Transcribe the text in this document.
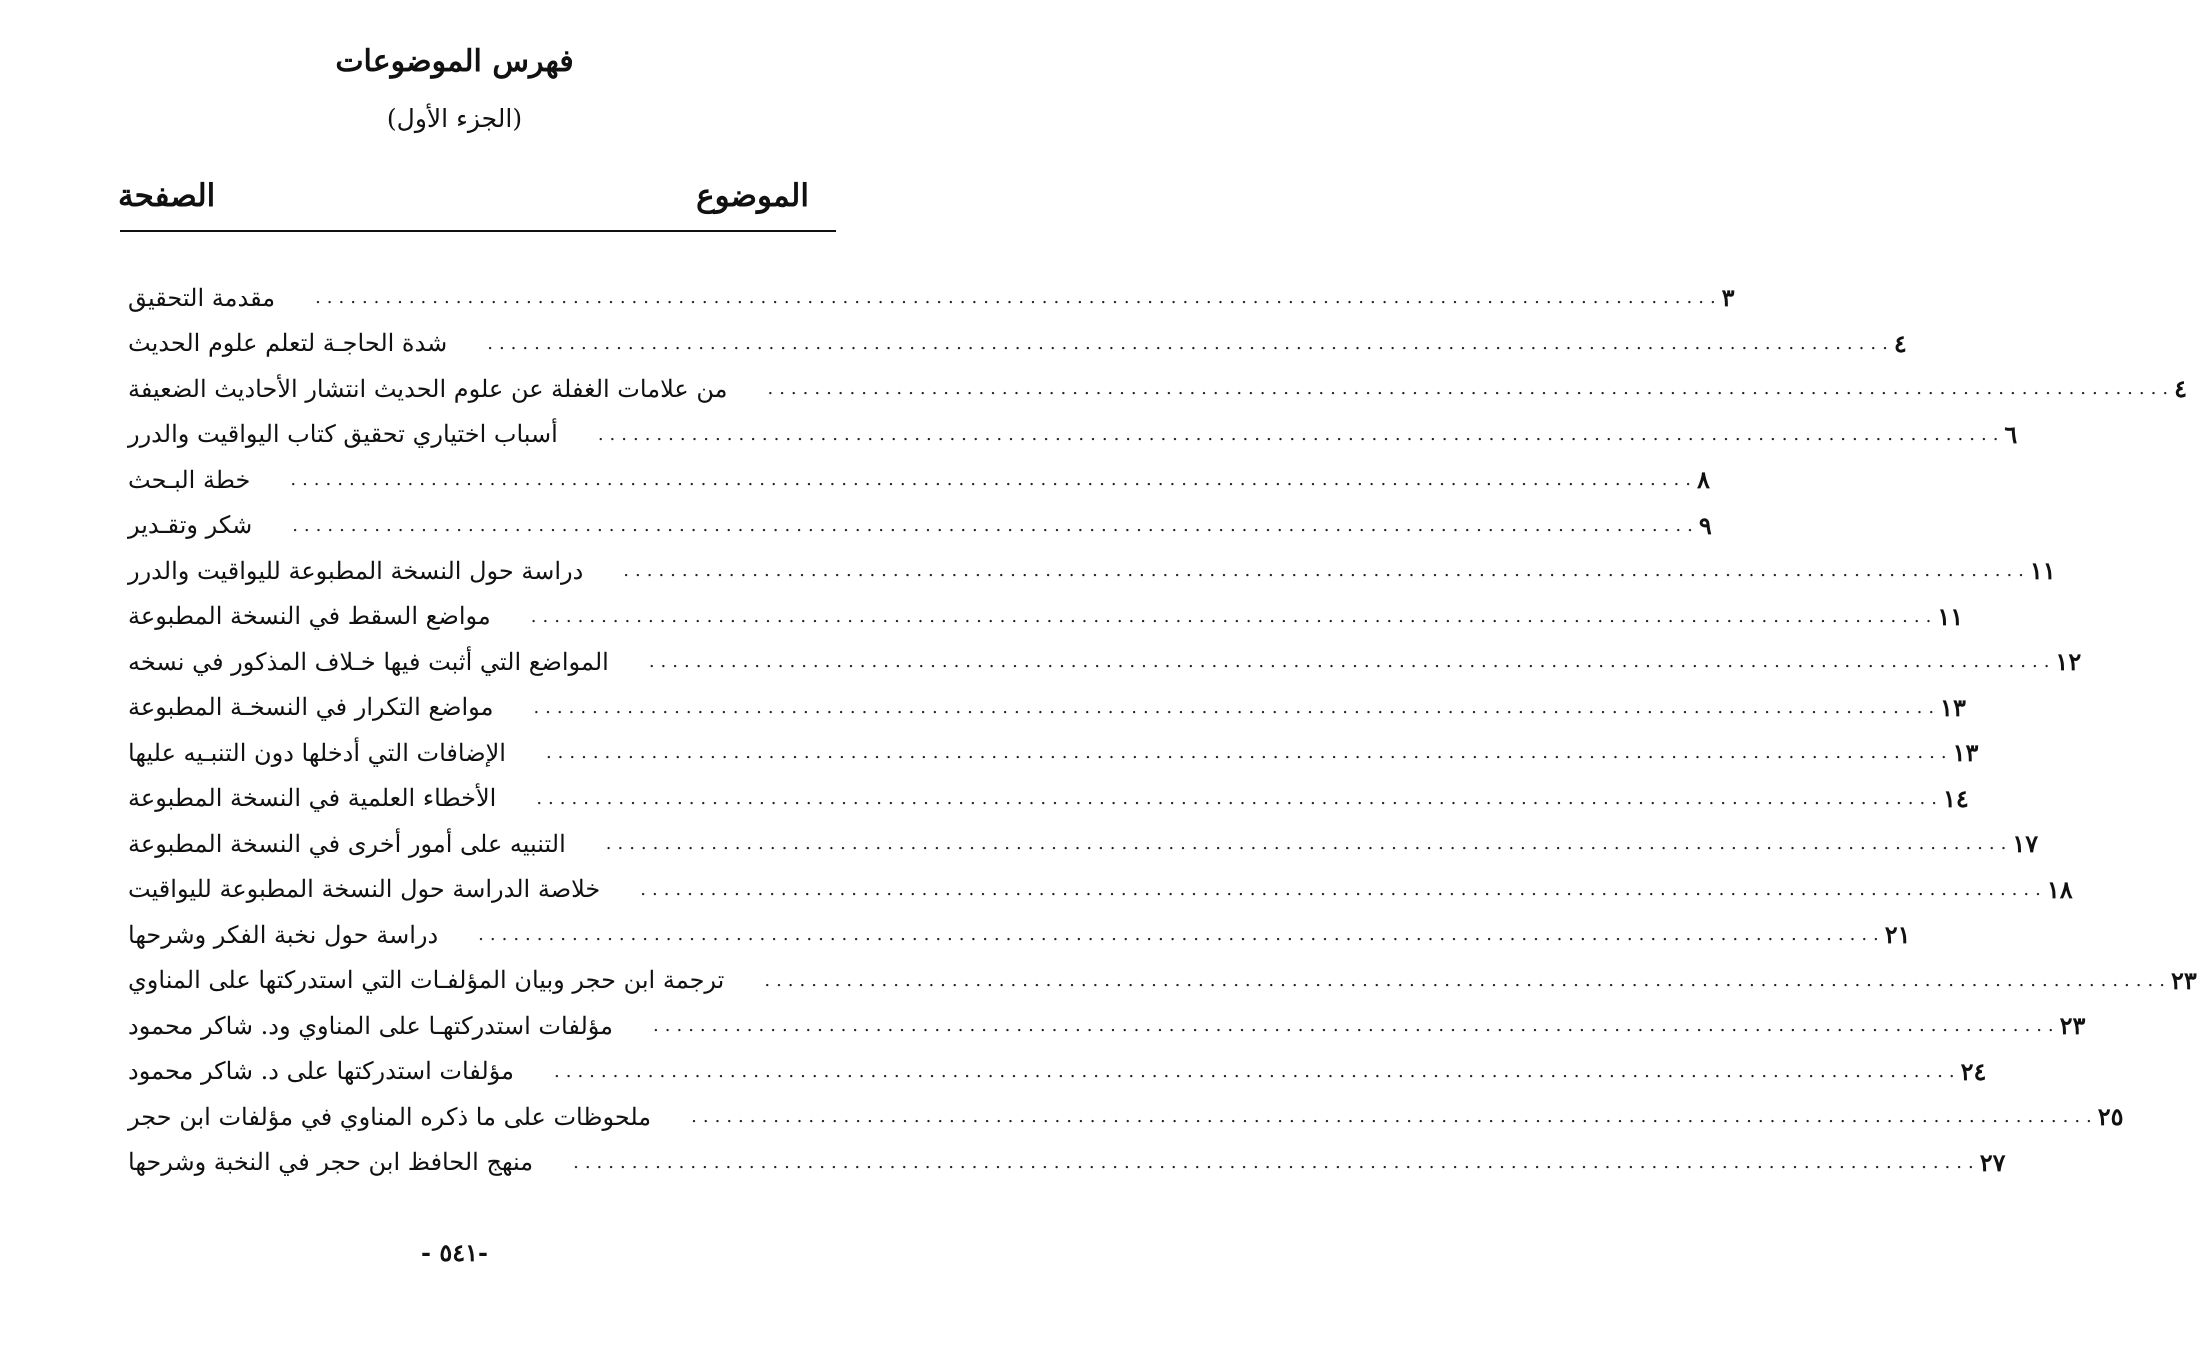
فهرس الموضوعات
(الجزء الأول)
الموضوع
الصفحة
مقدمة التحقيق ........................................................................................................................ ٣
شدة الحاجـة لتعلم علوم الحديث ........................................................................................................................ ٤
من علامات الغفلة عن علوم الحديث انتشار الأحاديث الضعيفة ........................................................................................................................ ٤
أسباب اختياري تحقيق كتاب اليواقيت والدرر ........................................................................................................................ ٦
خطة البـحث ........................................................................................................................ ٨
شكر وتقـدير ........................................................................................................................ ٩
دراسة حول النسخة المطبوعة لليواقيت والدرر ........................................................................................................................ ١١
مواضع السقط في النسخة المطبوعة ........................................................................................................................ ١١
المواضع التي أثبت فيها خـلاف المذكور في نسخه ........................................................................................................................ ١٢
مواضع التكرار في النسخـة المطبوعة ........................................................................................................................ ١٣
الإضافات التي أدخلها دون التنبـيه عليها ........................................................................................................................ ١٣
الأخطاء العلمية في النسخة المطبوعة ........................................................................................................................ ١٤
التنبيه على أمور أخرى في النسخة المطبوعة ........................................................................................................................ ١٧
خلاصة الدراسة حول النسخة المطبوعة لليواقيت ........................................................................................................................ ١٨
دراسة حول نخبة الفكر وشرحها ........................................................................................................................ ٢١
ترجمة ابن حجر وبيان المؤلفـات التي استدركتها على المناوي ........................................................................................................................ ٢٣
مؤلفات استدركتهـا على المناوي ود. شاكر محمود ........................................................................................................................ ٢٣
مؤلفات استدركتها على د. شاكر محمود ........................................................................................................................ ٢٤
ملحوظات على ما ذكره المناوي في مؤلفات ابن حجر ........................................................................................................................ ٢٥
منهج الحافظ ابن حجر في النخبة وشرحها ........................................................................................................................ ٢٧
- ٥٤١-
